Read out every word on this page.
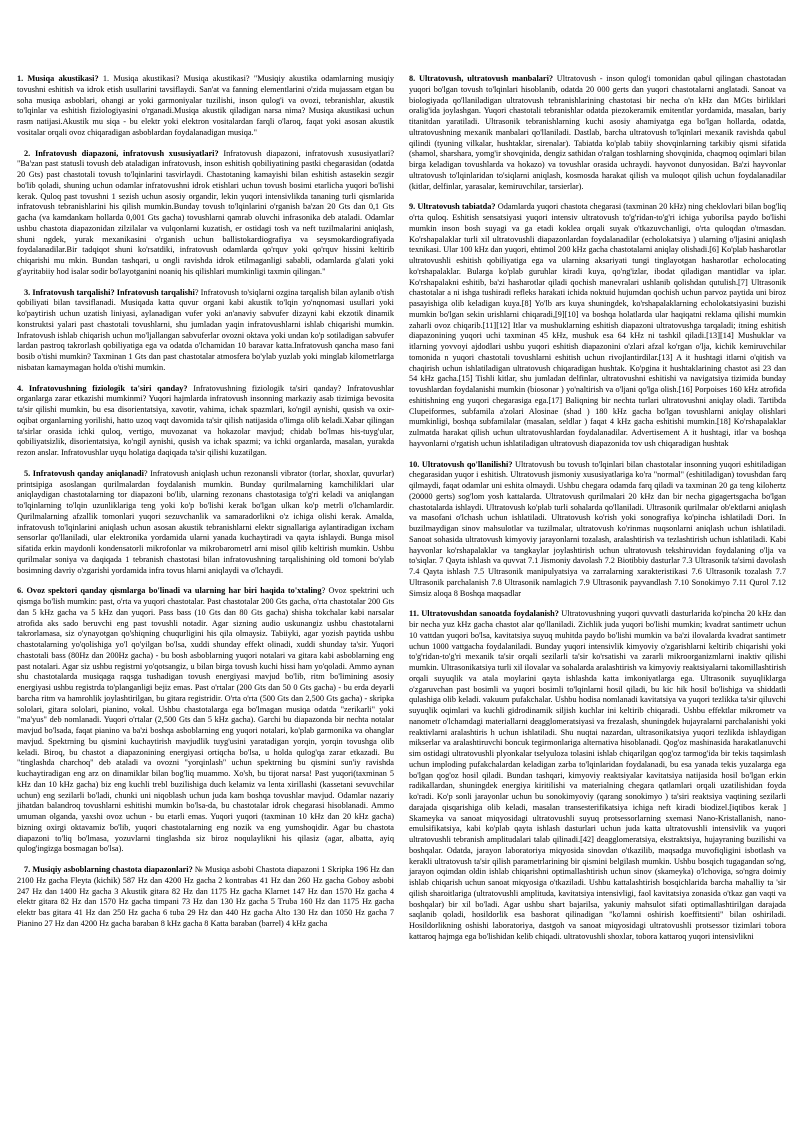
1. Musiqa akustikasi? 1. Musiqa akustikasi? Musiqa akustikasi? "Musiqiy akustika odamlarning musiqiy tovushni eshitish va idrok etish usullarini tavsiflaydi. San'at va fanning elementlarini o'zida mujassam etgan bu soha musiqa asboblari, ohangi ar yoki garmoniyalar tuzilishi, inson qulog'i va ovozi, tebranishlar, akustik to'lqinlar va eshitish fiziologiyasini o'rganadi.Musiqa akustik qiladigan narsa nima? Musiqa akustikasi uchun rasm natijasi.Akustik mu siqa - bu elektr yoki elektron vositalardan farqli o'laroq, faqat yoki asosan akustik vositalar orqali ovoz chiqaradigan asboblardan foydalanadigan musiqa."

2. Infratovush diapazoni, infratovush xususiyatlari? Infratovush diapazoni, infratovush xususiyatlari? "Ba'zan past statusli tovush deb ataladigan infratovush, inson eshitish qobiliyatining pastki chegarasidan (odatda 20 Gts) past chastotali tovush to'lqinlarini tasvirlaydi. Chastotaning kamayishi bilan eshitish astasekin sezgir bo'lib qoladi, shuning uchun odamlar infratovushni idrok etishlari uchun tovush bosimi etarlicha yuqori bo'lishi kerak. Quloq past tovushni 1 sezish uchun asosiy organdir, lekin yuqori intensivlikda tananing turli qismlarida infratovush tebranishlarini his qilish mumkin.Bunday tovush to'lqinlarini o'rganish ba'zan 20 Gts dan 0,1 Gts gacha (va kamdankam hollarda 0,001 Gts gacha) tovushlarni qamrab oluvchi infrasonika deb ataladi. Odamlar ushbu chastota diapazonidan zilzilalar va vulqonlarni kuzatish, er ostidagi tosh va neft tuzilmalarini aniqlash, shuni ngdek, yurak mexanikasini o'rganish uchun ballistokardiografiya va seysmokardiografiyada foydalanadilar.Bir tadqiqot shuni ko'rsatdiki, infratovush odamlarda qo'rquv yoki qo'rquv hissini keltirib chiqarishi mu mkin. Bundan tashqari, u ongli ravishda idrok etilmaganligi sababli, odamlarda g'alati yoki g'ayritabiiy hod isalar sodir bo'layotganini noaniq his qilishlari mumkinligi taxmin qilingan."

3. Infratovush tarqalishi? Infratovush tarqalishi? Infratovush to'siqlarni ozgina tarqalish bilan aylanib o'tish qobiliyati bilan tavsiflanadi. Musiqada katta quvur organi kabi akustik to'lqin yo'nqnomasi usullari yoki ko'paytirish uchun uzatish liniyasi, aylanadigan vufer yoki an'anaviy sabvufer dizayni kabi ekzotik dinamik konstruktsi yalari past chastotali tovushlarni, shu jumladan yaqin infratovushlarni ishlab chiqarishi mumkin. Infratovush ishlab chiqarish uchun mo'ljallangan sabvuferlar ovozni oktava yoki undan ko'p sotiladigan sabvufer lardan pastroq takrorlash qobiliyatiga ega va odatda o'lchamidan 10 baravar katta.Infratovush qancha maso fani bosib o'tishi mumkin? Taxminan 1 Gts dan past chastotalar atmosfera bo'ylab yuzlab yoki minglab kilometrlarga nisbatan kamaymagan holda o'tishi mumkin.

4. Infratovushning fiziologik ta'siri qanday? Infratovushning fiziologik ta'siri qanday? Infratovushlar organlarga zarar etkazishi mumkinmi? Yuqori hajmlarda infratovush insonning markaziy asab tizimiga bevosita ta'sir qilishi mumkin, bu esa disorientatsiya, xavotir, vahima, ichak spazmlari, ko'ngil aynishi, qusish va oxir-oqibat organlarning yorilishi, hatto uzoq vaqt davomida ta'sir qilish natijasida o'limga olib keladi.Xabar qilingan ta'sirlar orasida ichki quloq, vertigo, muvozanat va hokazolar mavjud; chidab bo'lmas his-tuyg'ular, qobiliyatsizlik, disorientatsiya, ko'ngil aynishi, qusish va ichak spazmi; va ichki organlarda, masalan, yurakda rezon anslar. Infratovushlar uyqu holatiga daqiqada ta'sir qilishi kuzatilgan.

5. Infratovush qanday aniqlanadi? Infratovush aniqlash uchun rezonansli vibrator (torlar, shoxlar, quvurlar) printsipiga asoslangan qurilmalardan foydalanish mumkin. Bunday qurilmalarning kamchiliklari ular aniqlaydigan chastotalarning tor diapazoni bo'lib, ularning rezonans chastotasiga to'g'ri keladi va aniqlangan to'lqinlarning to'lqin uzunliklariga teng yoki ko'p bo'lishi kerak bo'lgan ulkan ko'p metrli o'lchamlardir. Qurilmalarning afzallik tomonlari yuqori sezuvchanlik va samaradorlikni o'z ichiga olishi kerak. Amalda, infratovush to'lqinlarini aniqlash uchun asosan akustik tebranishlarni elektr signallariga aylantiradigan ixcham sensorlar qo'llaniladi, ular elektronika yordamida ularni yanada kuchaytiradi va qayta ishlaydi. Bunga misol sifatida erkin maydonli kondensatorli mikrofonlar va mikrobarometrl arni misol qilib keltirish mumkin. Ushbu qurilmalar soniya va daqiqada 1 tebranish chastotasi bilan infratovushning tarqalishining old tomoni bo'ylab bosimning davriy o'zgarishi yordamida infra tovus hlarni aniqlaydi va o'lchaydi.

6. Ovoz spektori qanday qismlarga bo'linadi va ularning har biri haqida to'xtaling? Ovoz spektrini uch qismga bo'lish mumkin: past, o'rta va yuqori chastotalar. Past chastotalar 200 Gts gacha, o'rta chastotalar 200 Gts dan 5 kHz gacha va 5 kHz dan yuqori. Pass bass (10 Gts dan 80 Gts gacha) shisha tokchalar kabi narsalar atrofida aks sado beruvchi eng past tovushli notadir. Agar sizning audio uskunangiz ushbu chastotalarni takrorlamasa, siz o'ynayotgan qo'shiqning chuqurligini his qila olmaysiz. Tabiiyki, agar yozish paytida ushbu chastotalarning yo'qolishiga yo'l qo'yilgan bo'lsa, xuddi shunday effekt olinadi, xuddi shunday ta'sir. Yuqori chastotali bass (80Hz dan 200Hz gacha) - bu bosh asboblarning yuqori notalari va gitara kabi asboblarning eng past notalari. Agar siz ushbu registrni yo'qotsangiz, u bilan birga tovush kuchi hissi ham yo'qoladi. Ammo aynan shu chastotalarda musiqaga raqsga tushadigan tovush energiyasi mavjud bo'lib, ritm bo'limining asosiy energiyasi ushbu registrda to'planganligi bejiz emas. Past o'rtalar (200 Gts dan 50 0 Gts gacha) - bu erda deyarli barcha ritm va hamrohlik joylashtirilgan, bu gitara registridir. O'rta o'rta (500 Gts dan 2,500 Gts gacha) - skripka sololari, gitara sololari, pianino, vokal. Ushbu chastotalarga ega bo'lmagan musiqa odatda "zerikarli" yoki "ma'yus" deb nomlanadi. Yuqori o'rtalar (2,500 Gts dan 5 kHz gacha). Garchi bu diapazonda bir nechta notalar mavjud bo'lsada, faqat pianino va ba'zi boshqa asboblarning eng yuqori notalari, ko'plab garmonika va ohanglar mavjud. Spektrning bu qismini kuchaytirish mavjudlik tuyg'usini yaratadigan yorqin, yorqin tovushga olib keladi. Biroq, bu chastot a diapazonining energiyasi ortiqcha bo'lsa, u holda qulog'qa zarar etkazadi. Bu "tinglashda charchoq" deb ataladi va ovozni "yorqinlash" uchun spektrning bu qismini sun'iy ravishda kuchaytiradigan eng arz on dinamiklar bilan bog'liq muammo. Xo'sh, bu tijorat narsa! Past yuqori(taxminan 5 kHz dan 10 kHz gacha) biz eng kuchli trebl buzilishiga duch kelamiz va lenta xirillashi (kassetani sevuvchilar uchun) eng sezilarli bo'ladi, chunki uni niqoblash uchun juda kam boshqa tovushlar mavjud. Odamlar nazariy jihatdan balandroq tovushlarni eshitishi mumkin bo'lsa-da, bu chastotalar idrok chegarasi hisoblanadi. Ammo umuman olganda, yaxshi ovoz uchun - bu etarli emas. Yuqori yuqori (taxminan 10 kHz dan 20 kHz gacha) bizning oxirgi oktavamiz bo'lib, yuqori chastotalarning eng nozik va eng yumshoqidir. Agar bu chastota diapazoni to'liq bo'lmasa, yozuvlarni tinglashda siz biroz noqulaylikni his qilasiz (agar, albatta, ayiq qulog'ingizga bosmagan bo'lsa).

7. Musiqiy asboblarning chastota diapazonlari? № Musiqa asbobi Chastota diapazoni 1 Skripka 196 Hz dan 2100 Hz gacha Fleyta (kichik) 587 Hz dan 4200 Hz gacha 2 kontrabas 41 Hz dan 260 Hz gacha Goboy asbobi 247 Hz dan 1400 Hz gacha 3 Akustik gitara 82 Hz dan 1175 Hz gacha Klarnet 147 Hz dan 1570 Hz gacha 4 elektr gitara 82 Hz dan 1570 Hz gacha timpani 73 Hz dan 130 Hz gacha 5 Truba 160 Hz dan 1175 Hz gacha elektr bas gitara 41 Hz dan 250 Hz gacha 6 tuba 29 Hz dan 440 Hz gacha Alto 130 Hz dan 1050 Hz gacha 7 Pianino 27 Hz dan 4200 Hz gacha baraban 8 kHz gacha 8 Katta baraban (barrel) 4 kHz gacha

8. Ultratovush, ultratovush manbalari? Ultratovush - inson qulog'i tomonidan qabul qilingan chastotadan yuqori bo'lgan tovush to'lqinlari hisoblanib, odatda 20 000 gerts dan yuqori chastotalarni anglatadi. Sanoat va biologiyada qo'llaniladigan ultratovush tebranishlarining chastotasi bir necha o'n kHz dan MGts birliklari oralig'ida joylashgan. Yuqori chastotali tebranishlar odatda piezokeramik emitentlar yordamida, masalan, bariy titanitdan yaratiladi. Ultrasonik tebranishlarning kuchi asosiy ahamiyatga ega bo'lgan hollarda, odatda, ultratovushning mexanik manbalari qo'llaniladi. Dastlab, barcha ultratovush to'lqinlari mexanik ravishda qabul qilindi (tyuning vilkalar, hushtaklar, sirenalar). Tabiatda ko'plab tabiiy shovqinlarning tarkibiy qismi sifatida (shamol, sharshara, yomg'ir shovqinida, dengiz sathidan o'ralgan toshlarning shovqinida, chaqmoq oqimlari bilan birga keladigan tovushlarda va hokazo) va tovushlar orasida uchraydi. hayvonot dunyosidan. Ba'zi hayvonlar ultratovush to'lqinlaridan to'siqlarni aniqlash, kosmosda harakat qilish va muloqot qilish uchun foydalanadilar (kitlar, delfinlar, yarasalar, kemiruvchilar, tarsierlar).

9. Ultratovush tabiatda? Odamlarda yuqori chastota chegarasi (taxminan 20 kHz) ning cheklovlari bilan bog'liq o'rta quloq. Eshitish sensatsiyasi yuqori intensiv ultratovush to'g'ridan-to'g'ri ichiga yuborilsa paydo bo'lishi mumkin inson bosh suyagi va ga etadi koklea orqali suyak o'tkazuvchanligi, o'rta quloqdan o'tmasdan. Ko'rshapalaklar turli xil ultratovushli diapazonlardan foydalanadilar (echolokatsiya ) ularning o'ljasini aniqlash texnikasi. Ular 100 kHz dan yuqori, ehtimol 200 kHz gacha chastotalarni aniqlay olishadi.[6] Ko'plab hasharotlar ultratovushli eshitish qobiliyatiga ega va ularning aksariyati tungi tinglayotgan hasharotlar echolocating ko'rshapalaklar. Bularga ko'plab guruhlar kiradi kuya, qo'ng'izlar, ibodat qiladigan mantidlar va iplar. Ko'rshapalakni eshitib, ba'zi hasharotlar qiladi qochish manevralari ushlanib qolishdan qutulish.[7] Ultrasonik chastotalar a ni ishga tushiradi refleks harakati ichida noktuid hujumdan qochish uchun parvoz paytida uni biroz pasayishiga olib keladigan kuya.[8] Yo'lb ars kuya shuningdek, ko'rshapalaklarning echolokatsiyasini buzishi mumkin bo'lgan sekin urishlarni chiqaradi,[9][10] va boshqa holatlarda ular haqiqatni reklama qilishi mumkin zaharli ovoz chiqarib.[11][12] Itlar va mushuklarning eshitish diapazoni ultratovushga tarqaladi; itning eshitish diapazonining yuqori uchi taxminan 45 kHz, mushuk esa 64 kHz ni tashkil qiladi.[13][14] Mushuklar va itlarning yovvoyi ajdodlari ushbu yuqori eshitish diapazonini o'zlari afzal ko'rgan o'lja, kichik kemiruvchilar tomonida n yuqori chastotali tovushlarni eshitish uchun rivojlantirdilar.[13] A it hushtagi itlarni o'qitish va chaqirish uchun ishlatiladigan ultratovush chiqaradigan hushtak. Ko'pgina it hushtaklarining chastot asi 23 dan 54 kHz gacha.[15] Tishli kitlar, shu jumladan delfinlar, ultratovushni eshitishi va navigatsiya tizimida bunday tovushlardan foydalanishi mumkin (biosonar ) yo'naltirish va o'ljani qo'lga olish.[16] Porpoises 160 kHz atrofida eshitishning eng yuqori chegarasiga ega.[17] Baliqning bir nechta turlari ultratovushni aniqlay oladi. Tartibda Clupeiformes, subfamila a'zolari Alosinae (shad ) 180 kHz gacha bo'lgan tovushlarni aniqlay olishlari mumkinligi, boshqa subfamilalar (masalan, seldlar ) faqat 4 kHz gacha eshitishi mumkin.[18] Ko'rshapalaklar zulmatda harakat qilish uchun ultratovushlardan foydalanadilar. Advertisement A it hushtagi, itlar va boshqa hayvonlarni o'rgatish uchun ishlatiladigan ultratovush diapazonida tov ush chiqaradigan hushtak

10. Ultratovush qo'llanilishi? Ultratovush bu tovush to'lqinlari bilan chastotalar insonning yuqori eshitiladigan chegarasidan yuqor i eshitish. Ultratovush jismoniy xususiyatlariga ko'ra "normal" (eshitiladigan) tovushdan farq qilmaydi, faqat odamlar uni eshita olmaydi. Ushbu chegara odamda farq qiladi va taxminan 20 ga teng kilohertz (20000 gerts) sog'lom yosh kattalarda. Ultratovush qurilmalari 20 kHz dan bir necha gigagertsgacha bo'lgan chastotalarda ishlaydi. Ultratovush ko'plab turli sohalarda qo'llaniladi. Ultrasonik qurilmalar ob'ektlarni aniqlash va masofani o'lchash uchun ishlatiladi. Ultratovush ko'rish yoki sonografiya ko'pincha ishlatiladi Dori. In buzilmaydigan sinov mahsulotlar va tuzilmalar, ultratovush ko'rinmas nuqsonlarni aniqlash uchun ishlatiladi. Sanoat sohasida ultratovush kimyoviy jarayonlarni tozalash, aralashtirish va tezlashtirish uchun ishlatiladi. Kabi hayvonlar ko'rshapalaklar va tangkaylar joylashtirish uchun ultratovush tekshiruvidan foydalaning o'lja va to'siqlar. 7 Qayta ishlash va quvvat 7.1 Jismoniy davolash 7.2 Biotibbiy dasturlar 7.3 Ultrasonik ta'sirni davolash 7.4 Qayta ishlash 7.5 Ultrasonik manipulyatsiya va zarralarning xarakteristikasi 7.6 Ultrasonik tozalash 7.7 Ultrasonik parchalanish 7.8 Ultrasonik namlagich 7.9 Ultrasonik payvandlash 7.10 Sonokimyo 7.11 Qurol 7.12 Simsiz aloqa 8 Boshqa maqsadlar

11. Ultratovushdan sanoatda foydalanish? Ultratovushning yuqori quvvatli dasturlarida ko'pincha 20 kHz dan bir necha yuz kHz gacha chastot alar qo'llaniladi. Zichlik juda yuqori bo'lishi mumkin; kvadrat santimetr uchun 10 vattdan yuqori bo'lsa, kavitatsiya suyuq muhitda paydo bo'lishi mumkin va ba'zi ilovalarda kvadrat santimetr uchun 1000 vattgacha foydalaniladi. Bunday yuqori intensivlik kimyoviy o'zgarishlarni keltirib chiqarishi yoki to'g'ridan-to'g'ri mexanik ta'sir orqali sezilarli ta'sir ko'rsatishi va zararli mikroorganizmlarni inaktiv qilishi mumkin. Ultrasonikatsiya turli xil ilovalar va sohalarda aralashtirish va kimyoviy reaktsiyalarni takomillashtirish orqali suyuqlik va atala moylarini qayta ishlashda katta imkoniyatlarga ega. Ultrasonik suyuqliklarga o'zgaruvchan past bosimli va yuqori bosimli to'lqinlarni hosil qiladi, bu kic hik hosil bo'lishiga va shiddatli qulashiga olib keladi. vakuum pufakchalar. Ushbu hodisa nomlanadi kavitatsiya va yuqori tezlikka ta'sir qiluvchi suyuqlik oqimlari va kuchli gidrodinamik siljish kuchlar ini keltirib chiqaradi. Ushbu effektlar mikrometr va nanometr o'lchamdagi materiallarni deagglomeratsiyasi va frezalash, shuningdek hujayralarni parchalanishi yoki reaktivlarni aralashtiris h uchun ishlatiladi. Shu nuqtai nazardan, ultrasonikatsiya yuqori tezlikda ishlaydigan mikserlar va aralashtiruvchi boncuk tegirmonlariga alternativa hisoblanadi. Qog'oz mashinasida harakatlanuvchi sim ostidagi ultratovushli plyonkalar tselyuloza tolasini ishlab chiqarilgan qog'oz tarmog'ida bir tekis taqsimlash uchun imploding pufakchalardan keladigan zarba to'lqinlaridan foydalanadi, bu esa yanada tekis yuzalarga ega bo'lgan qog'oz hosil qiladi. Bundan tashqari, kimyoviy reaktsiyalar kavitatsiya natijasida hosil bo'lgan erkin radikallardan, shuningdek energiya kiritilishi va materialning chegara qatlamlari orqali uzatilishidan foyda ko'radi. Ko'p sonli jarayonlar uchun bu sonokimyoviy (qarang sonokimyo ) ta'siri reaktsiya vaqtining sezilarli darajada qisqarishiga olib keladi, masalan transesterifikatsiya ichiga neft kiradi biodizel.[iqtibos kerak ] Skameyka va sanoat miqyosidagi ultratovushli suyuq protsessorlarning sxemasi Nano-Kristallanish, nano-emulsifikatsiya, kabi ko'plab qayta ishlash dasturlari uchun juda katta ultratovushli intensivlik va yuqori ultratovushli tebranish amplitudalari talab qilinadi.[42] deagglomeratsiya, ekstraktsiya, hujayraning buzilishi va boshqalar. Odatda, jarayon laboratoriya miqyosida sinovdan o'tkazilib, maqsadga muvofiqligini isbotlash va kerakli ultratovush ta'sir qilish parametrlarining bir qismini belgilash mumkin. Ushbu bosqich tugagandan so'ng, jarayon oqimdan oldin ishlab chiqarishni optimallashtirish uchun sinov (skameyka) o'lchoviga, so'ngra doimiy ishlab chiqarish uchun sanoat miqyosiga o'tkaziladi. Ushbu kattalashtirish bosqichlarida barcha mahalliy ta 'sir qilish sharoitlariga (ultratovushli amplituda, kavitatsiya intensivligi, faol kavitatsiya zonasida o'tkaz gan vaqti va boshqalar) bir xil bo'ladi. Agar ushbu shart bajarilsa, yakuniy mahsulot sifati optimallashtirilgan darajada saqlanib qoladi, hosildorlik esa bashorat qilinadigan "ko'lamni oshirish koeffitsienti" bilan oshiriladi. Hosildorlikning oshishi laboratoriya, dastgoh va sanoat miqyosidagi ultratovushli protsessor tizimlari tobora kattaroq hajmga ega bo'lishidan kelib chiqadi. ultratovushli shoxlar, tobora kattaroq yuqori intensivlikni
